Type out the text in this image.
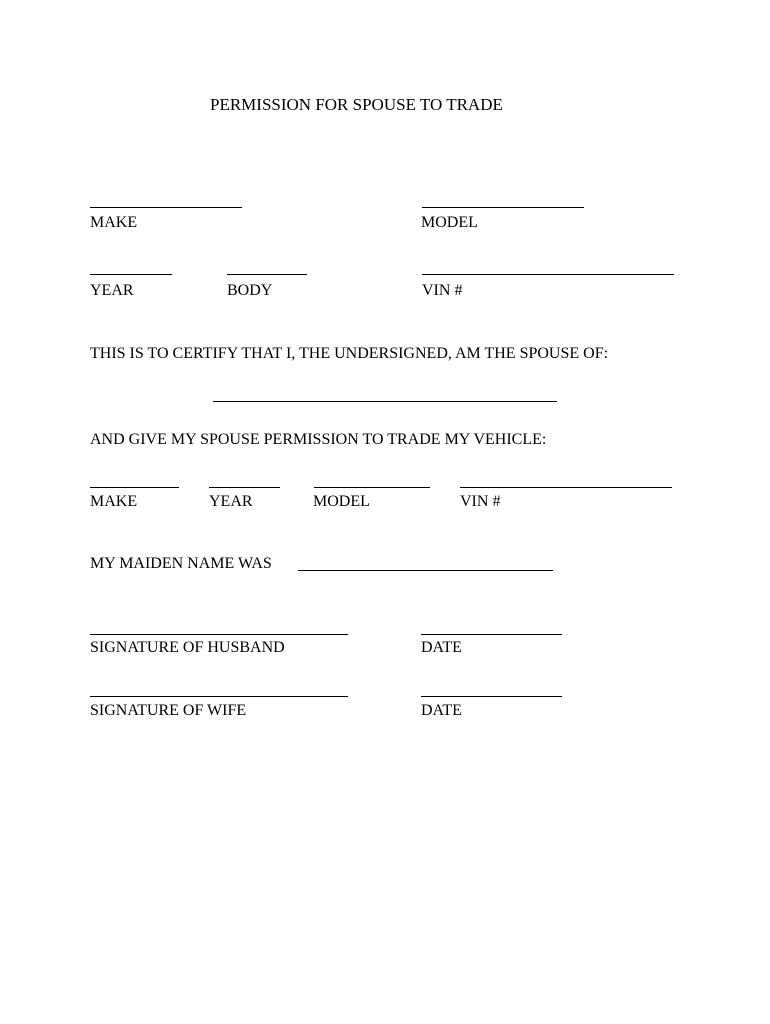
PERMISSION FOR SPOUSE TO TRADE
MAKE	MODEL
YEAR	BODY	VIN #
THIS IS TO CERTIFY THAT I, THE UNDERSIGNED, AM THE SPOUSE OF:
AND GIVE MY SPOUSE PERMISSION TO TRADE MY VEHICLE:
MAKE	YEAR	MODEL	VIN #
MY MAIDEN NAME WAS
SIGNATURE OF HUSBAND	DATE
SIGNATURE OF WIFE	DATE
